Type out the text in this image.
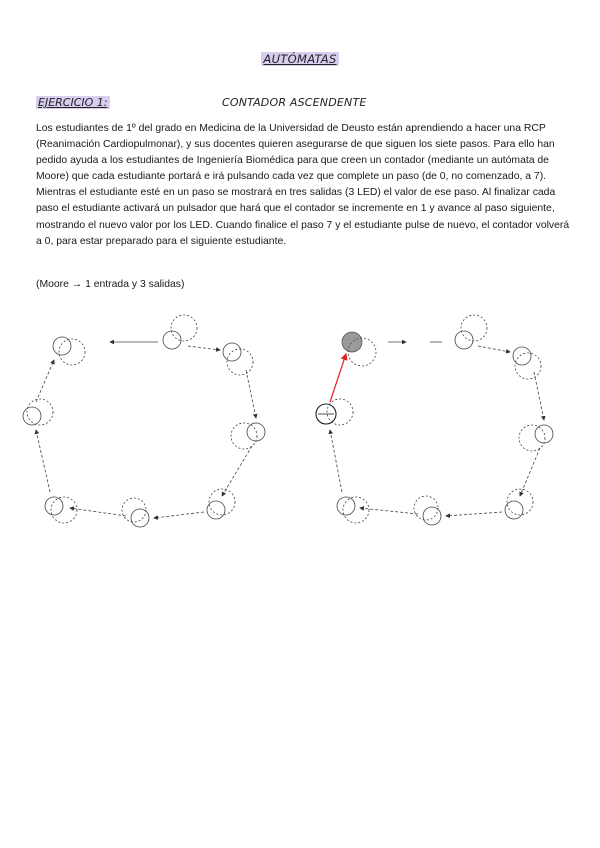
AUTÓMATAS
EJERCICIO 1:	CONTADOR ASCENDENTE
Los estudiantes de 1º del grado en Medicina de la Universidad de Deusto están aprendiendo a hacer una RCP (Reanimación Cardiopulmonar), y sus docentes quieren asegurarse de que siguen los siete pasos. Para ello han pedido ayuda a los estudiantes de Ingeniería Biomédica para que creen un contador (mediante un autómata de Moore) que cada estudiante portará e irá pulsando cada vez que complete un paso (de 0, no comenzado, a 7). Mientras el estudiante esté en un paso se mostrará en tres salidas (3 LED) el valor de ese paso. Al finalizar cada paso el estudiante activará un pulsador que hará que el contador se incremente en 1 y avance al paso siguiente, mostrando el nuevo valor por los LED. Cuando finalice el paso 7 y el estudiante pulse de nuevo, el contador volverá a 0, para estar preparado para el siguiente estudiante.
(Moore → 1 entrada y 3 salidas)
